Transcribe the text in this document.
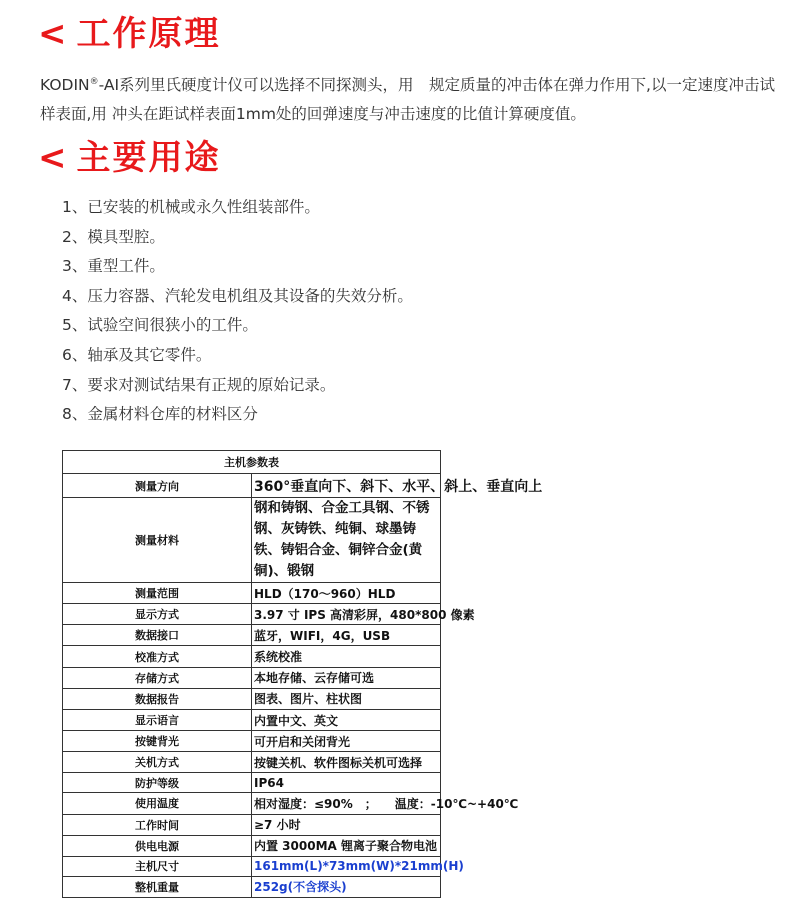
< 工作原理
KODIN®-AI系列里氏硬度计仪可以选择不同探测头，用　规定质量的冲击体在弹力作用下,以一定速度冲击试样表面,用 冲头在距试样表面1mm处的回弹速度与冲击速度的比值计算硬度值。
< 主要用途
1、已安装的机械或永久性组装部件。
2、模具型腔。
3、重型工件。
4、压力容器、汽轮发电机组及其设备的失效分析。
5、试验空间很狭小的工件。
6、轴承及其它零件。
7、要求对测试结果有正规的原始记录。
8、金属材料仓库的材料区分
主机参数表	
测量方向	360°垂直向下、斜下、水平、斜上、垂直向上
测量材料	钢和铸钢、合金工具钢、不锈钢、灰铸铁、纯铜、球墨铸铁、铸铝合金、铜锌合金(黄铜)、锻钢
测量范围	HLD（170～960）HLD
显示方式	3.97 寸 IPS 高清彩屏，480*800 像素
数据接口	蓝牙，WIFI，4G，USB
校准方式	系统校准
存储方式	本地存储、云存储可选
数据报告	图表、图片、柱状图
显示语言	内置中文、英文
按键背光	可开启和关闭背光
关机方式	按键关机、软件图标关机可选择
防护等级	IP64
使用温度	相对湿度：≤90%　；　　温度：-10℃~+40℃
工作时间	≥7 小时
供电电源	内置 3000MA 锂离子聚合物电池
主机尺寸	161mm(L)*73mm(W)*21mm(H)
整机重量	252g(不含探头)
